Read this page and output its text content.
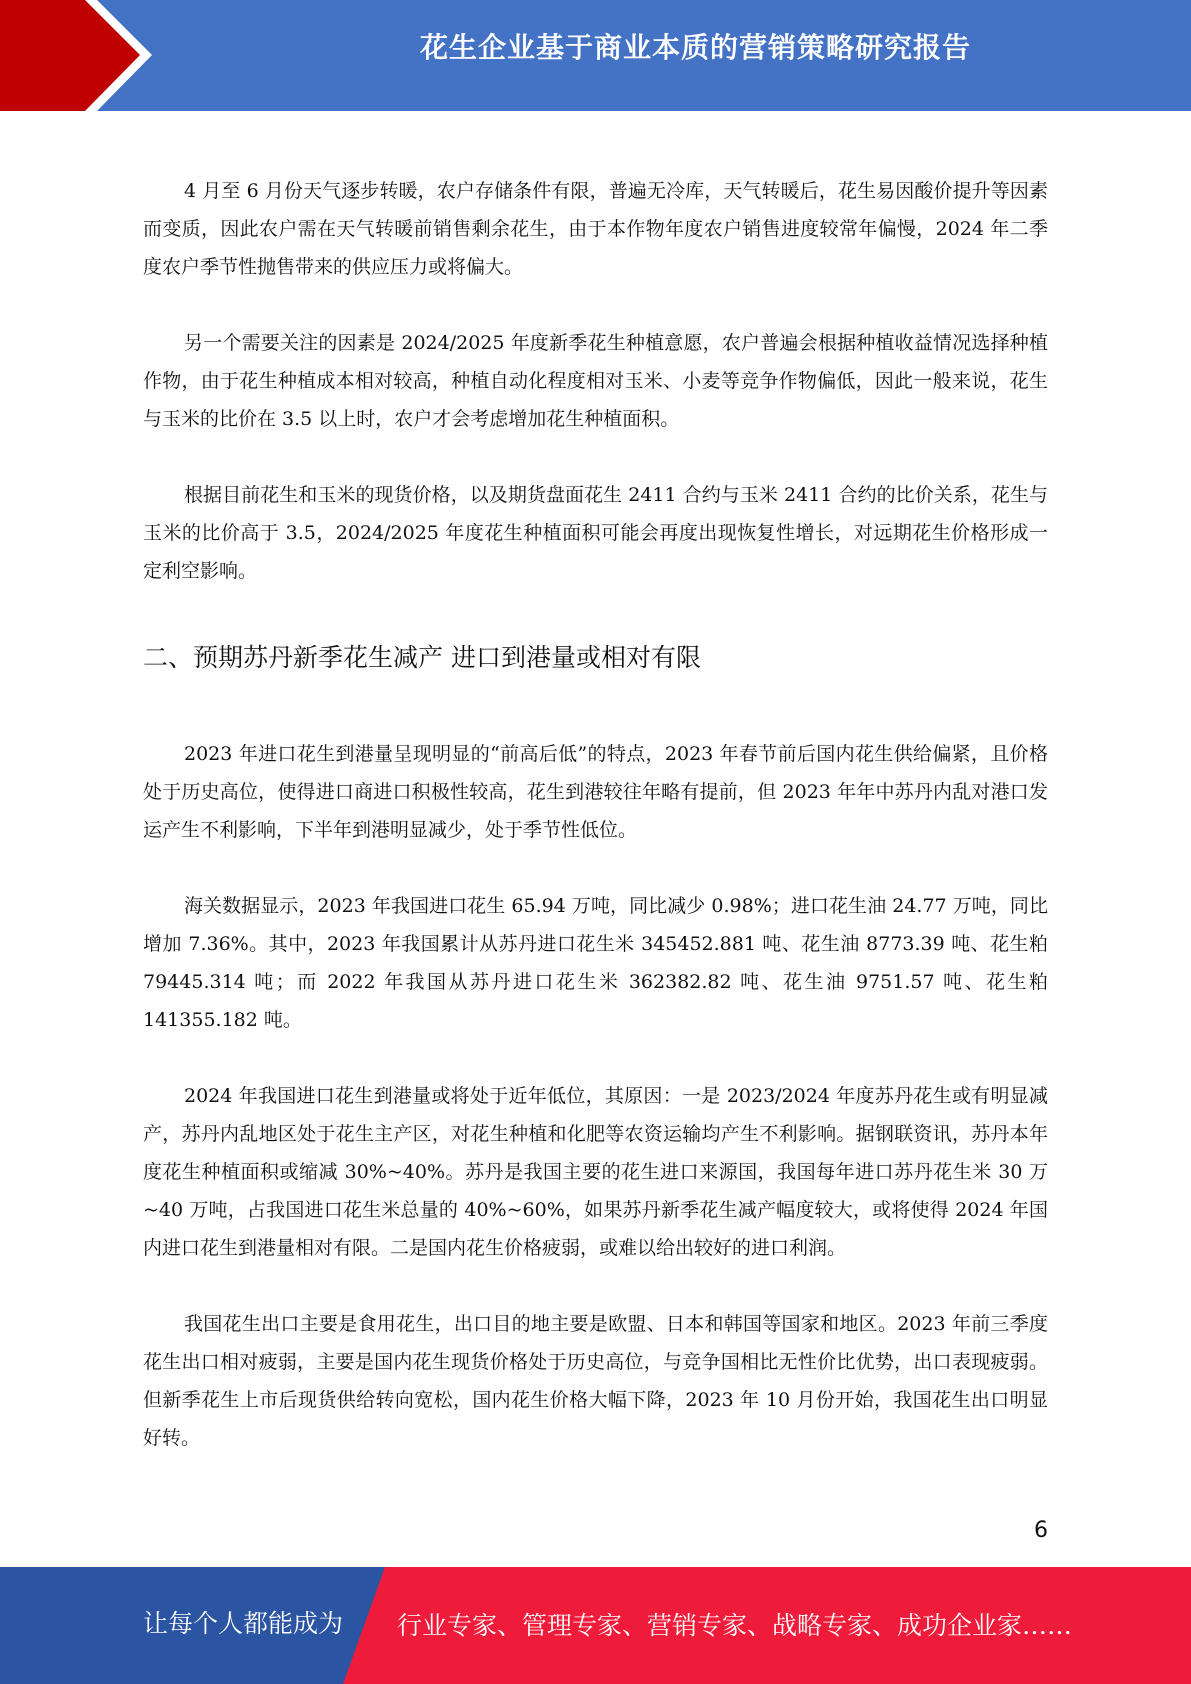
花生企业基于商业本质的营销策略研究报告

4 月至 6 月份天气逐步转暖，农户存储条件有限，普遍无冷库，天气转暖后，花生易因酸价提升等因素而变质，因此农户需在天气转暖前销售剩余花生，由于本作物年度农户销售进度较常年偏慢，2024 年二季度农户季节性抛售带来的供应压力或将偏大。

另一个需要关注的因素是 2024/2025 年度新季花生种植意愿，农户普遍会根据种植收益情况选择种植作物，由于花生种植成本相对较高，种植自动化程度相对玉米、小麦等竞争作物偏低，因此一般来说，花生与玉米的比价在 3.5 以上时，农户才会考虑增加花生种植面积。

根据目前花生和玉米的现货价格，以及期货盘面花生 2411 合约与玉米 2411 合约的比价关系，花生与玉米的比价高于 3.5，2024/2025 年度花生种植面积可能会再度出现恢复性增长，对远期花生价格形成一定利空影响。

二、预期苏丹新季花生减产 进口到港量或相对有限

2023 年进口花生到港量呈现明显的“前高后低”的特点，2023 年春节前后国内花生供给偏紧，且价格处于历史高位，使得进口商进口积极性较高，花生到港较往年略有提前，但 2023 年年中苏丹内乱对港口发运产生不利影响，下半年到港明显减少，处于季节性低位。

海关数据显示，2023 年我国进口花生 65.94 万吨，同比减少 0.98%；进口花生油 24.77 万吨，同比增加 7.36%。其中，2023 年我国累计从苏丹进口花生米 345452.881 吨、花生油 8773.39 吨、花生粕 79445.314 吨；而 2022 年我国从苏丹进口花生米 362382.82 吨、花生油 9751.57 吨、花生粕 141355.182 吨。

2024 年我国进口花生到港量或将处于近年低位，其原因：一是 2023/2024 年度苏丹花生或有明显减产，苏丹内乱地区处于花生主产区，对花生种植和化肥等农资运输均产生不利影响。据钢联资讯，苏丹本年度花生种植面积或缩减 30%~40%。苏丹是我国主要的花生进口来源国，我国每年进口苏丹花生米 30 万~40 万吨，占我国进口花生米总量的 40%~60%，如果苏丹新季花生减产幅度较大，或将使得 2024 年国内进口花生到港量相对有限。二是国内花生价格疲弱，或难以给出较好的进口利润。

我国花生出口主要是食用花生，出口目的地主要是欧盟、日本和韩国等国家和地区。2023 年前三季度花生出口相对疲弱，主要是国内花生现货价格处于历史高位，与竞争国相比无性价比优势，出口表现疲弱。但新季花生上市后现货供给转向宽松，国内花生价格大幅下降，2023 年 10 月份开始，我国花生出口明显好转。

6
让每个人都能成为 行业专家、管理专家、营销专家、战略专家、成功企业家……
